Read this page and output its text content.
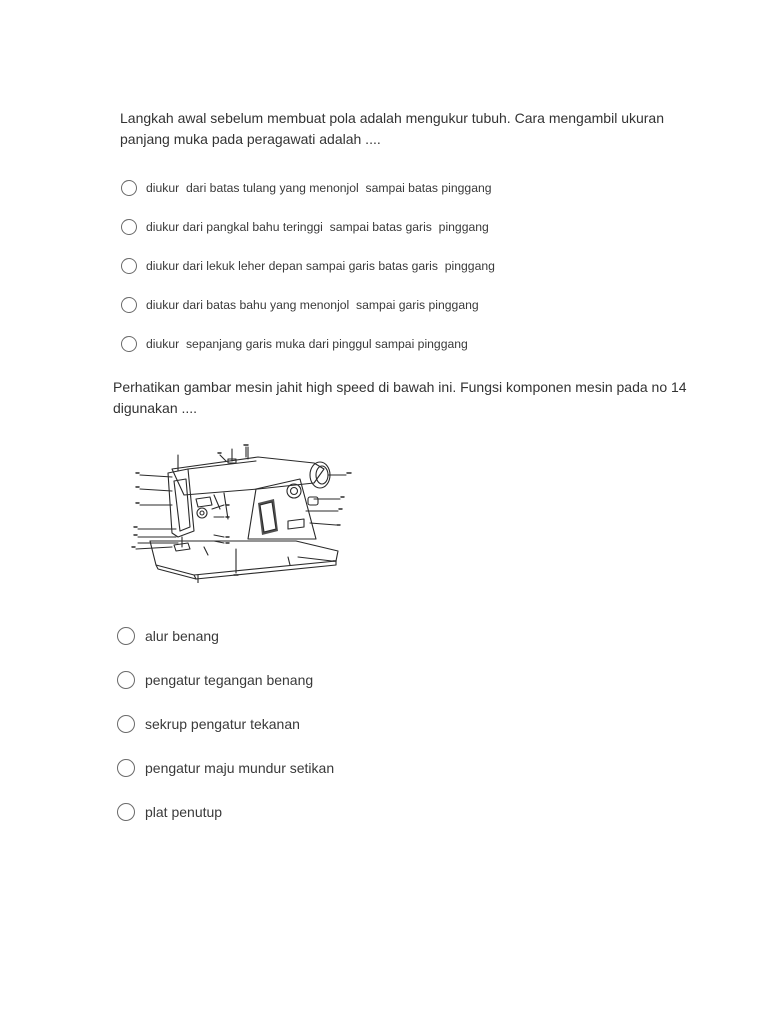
Langkah awal sebelum membuat pola adalah mengukur tubuh. Cara mengambil ukuran panjang muka pada peragawati adalah ....
diukur  dari batas tulang yang menonjol  sampai batas pinggang
diukur dari pangkal bahu teringgi  sampai batas garis  pinggang
diukur dari lekuk leher depan sampai garis batas garis  pinggang
diukur dari batas bahu yang menonjol  sampai garis pinggang
diukur  sepanjang garis muka dari pinggul sampai pinggang
Perhatikan gambar mesin jahit high speed di bawah ini. Fungsi komponen mesin pada no 14 digunakan ....
alur benang
pengatur tegangan benang
sekrup pengatur tekanan
pengatur maju mundur setikan
plat penutup
